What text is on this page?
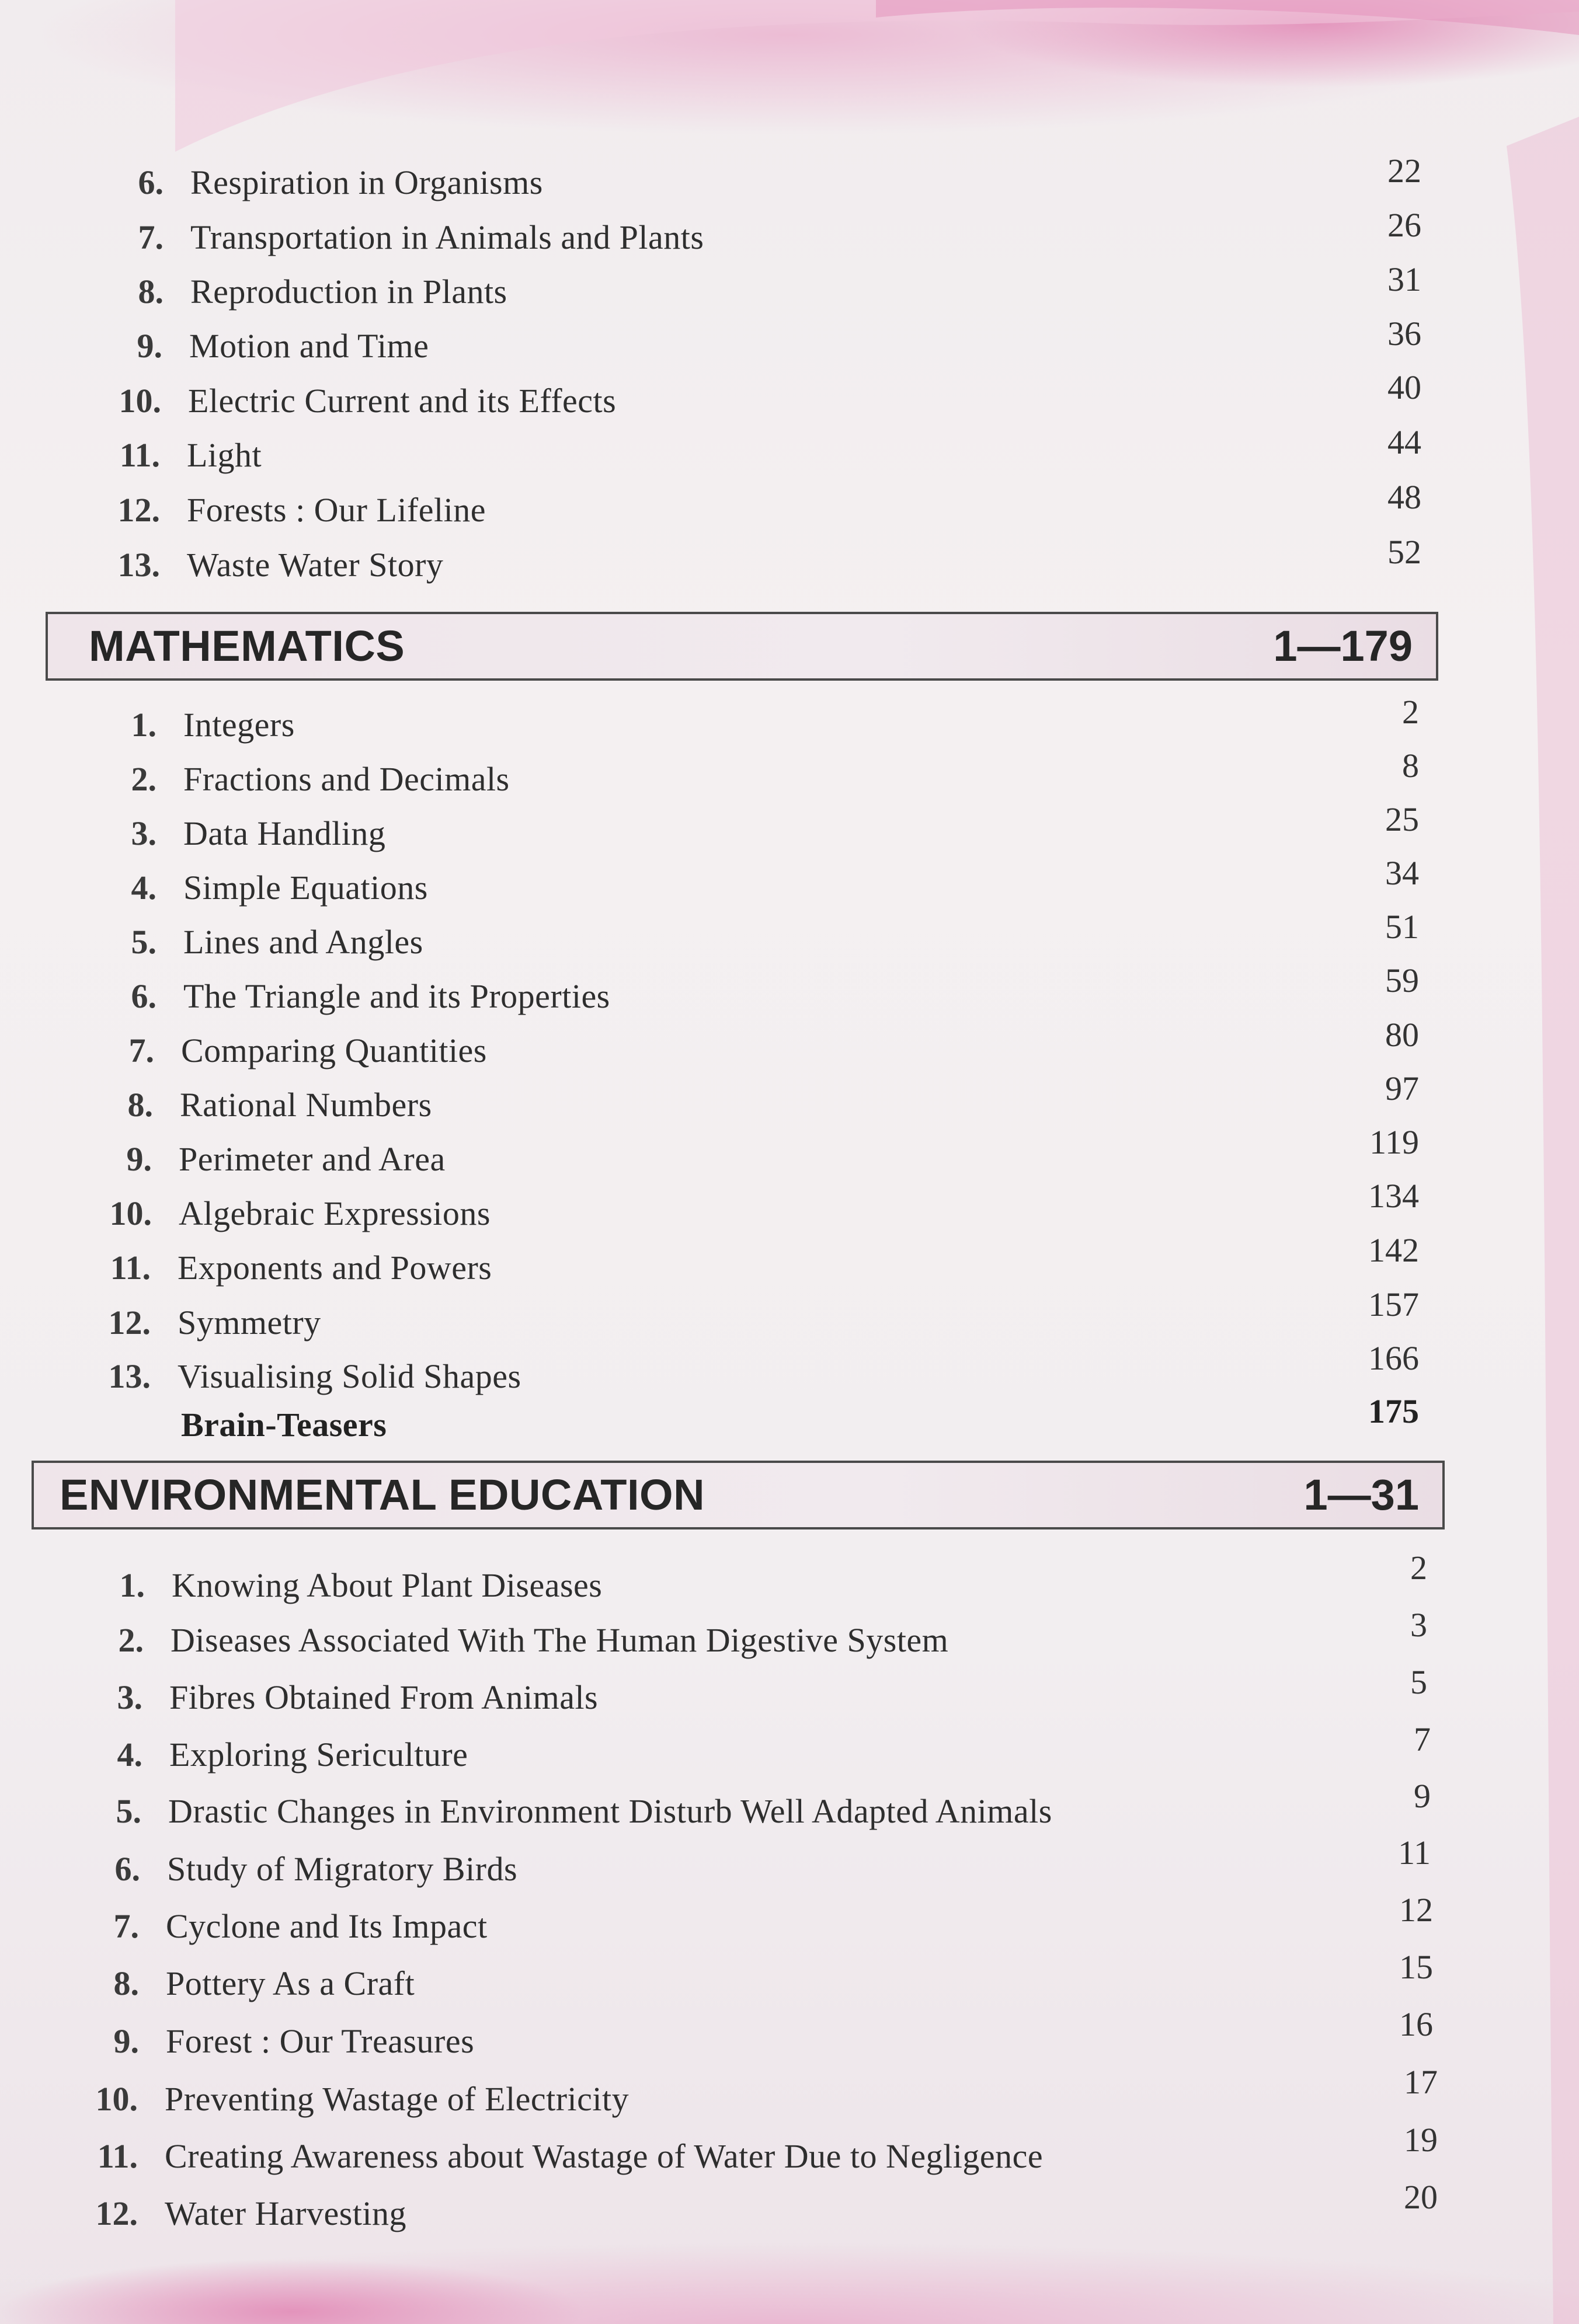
6. Respiration in Organisms	22
7. Transportation in Animals and Plants	26
8. Reproduction in Plants	31
9. Motion and Time	36
10. Electric Current and its Effects	40
11. Light	44
12. Forests : Our Lifeline	48
13. Waste Water Story	52
MATHEMATICS	1—179
1. Integers	2
2. Fractions and Decimals	8
3. Data Handling	25
4. Simple Equations	34
5. Lines and Angles	51
6. The Triangle and its Properties	59
7. Comparing Quantities	80
8. Rational Numbers	97
9. Perimeter and Area	119
10. Algebraic Expressions	134
11. Exponents and Powers	142
12. Symmetry	157
13. Visualising Solid Shapes	166
Brain-Teasers	175
ENVIRONMENTAL EDUCATION	1—31
1. Knowing About Plant Diseases	2
2. Diseases Associated With The Human Digestive System	3
3. Fibres Obtained From Animals	5
4. Exploring Sericulture	7
5. Drastic Changes in Environment Disturb Well Adapted Animals	9
6. Study of Migratory Birds	11
7. Cyclone and Its Impact	12
8. Pottery As a Craft	15
9. Forest : Our Treasures	16
10. Preventing Wastage of Electricity	17
11. Creating Awareness about Wastage of Water Due to Negligence	19
12. Water Harvesting	20
